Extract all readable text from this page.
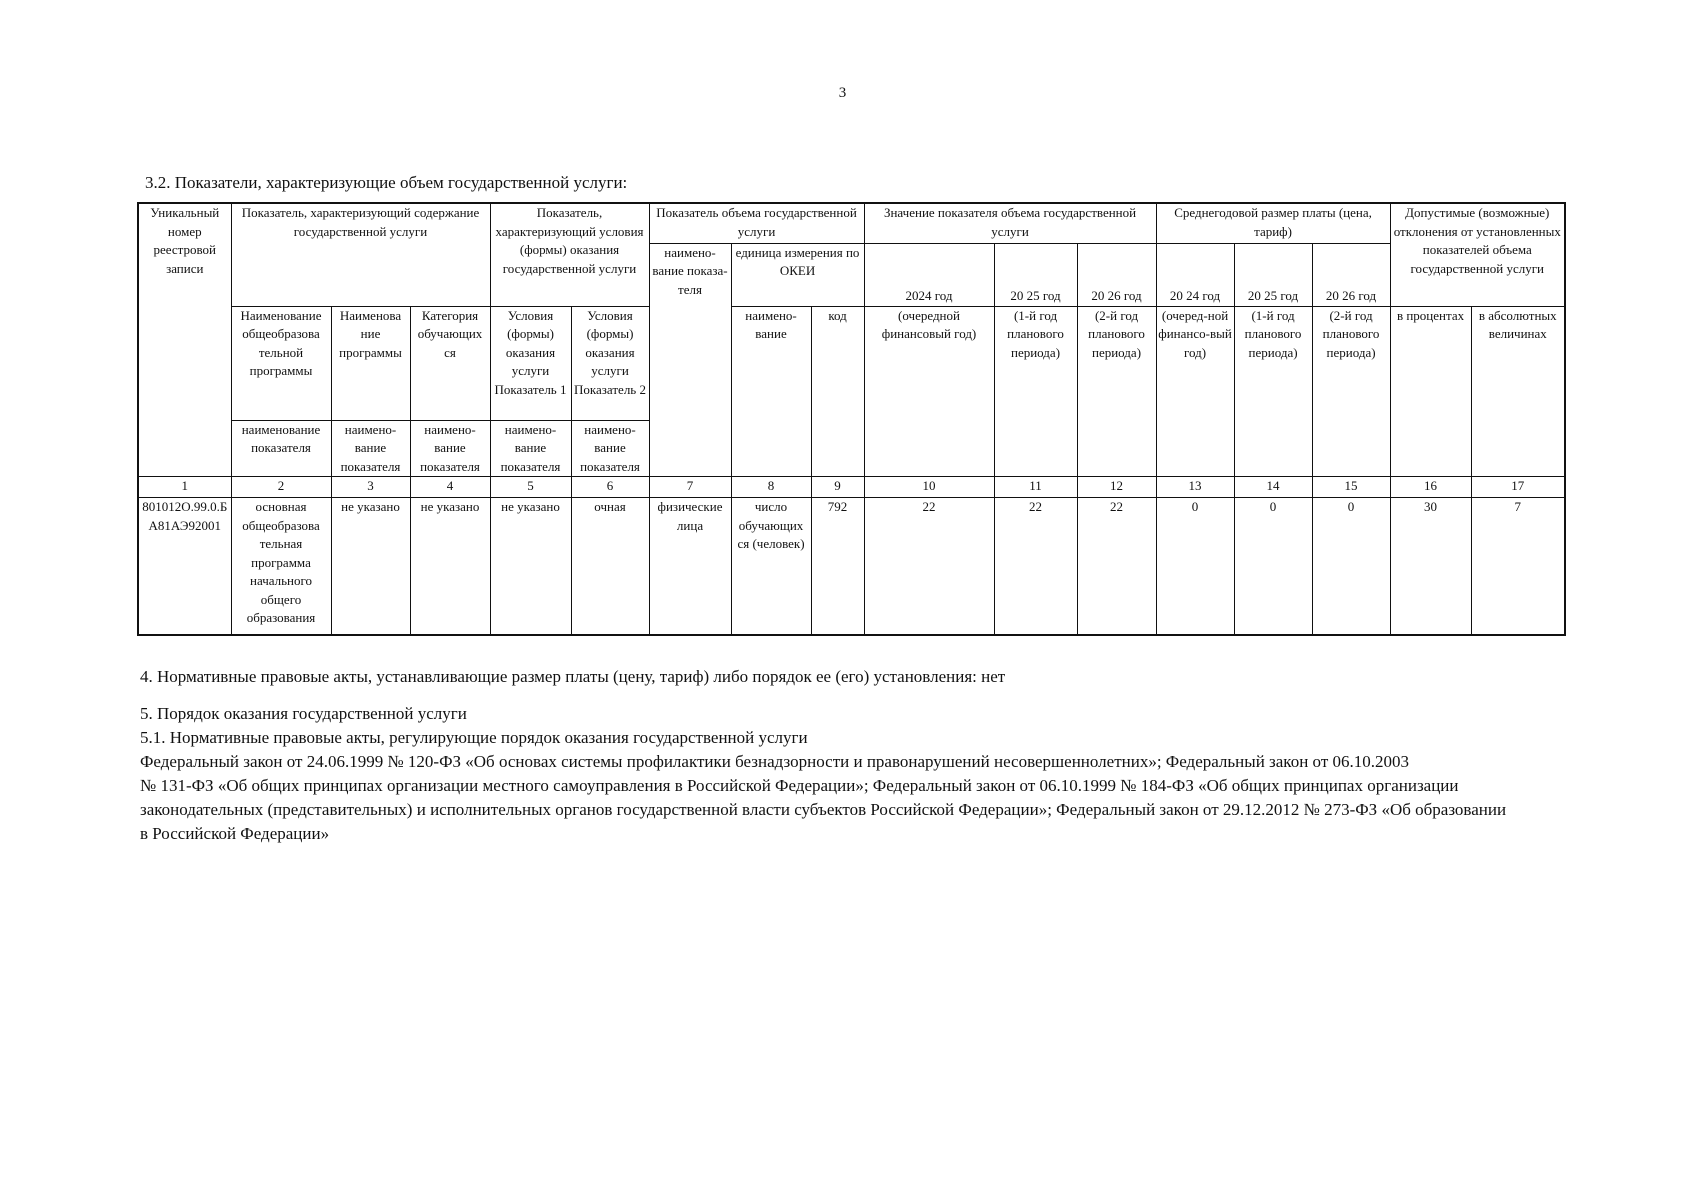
3
3.2. Показатели, характеризующие объем государственной услуги:
Уникальный номер реестровой записи	Показатель, характеризующий содержание государственной услуги			Показатель, характеризующий условия (формы) оказания государственной услуги		Показатель объема государственной услуги			Значение показателя объема государственной услуги			Среднегодовой размер платы (цена, тариф)			Допустимые (возможные) отклонения от установленных показателей объема государственной услуги	
						наимено-вание показа-теля	единица измерения по ОКЕИ		2024 год	20 25 год	20 26 год	20 24 год	20 25 год	20 26 год		
	Наименование общеобразова тельной программы	Наименова ние программы	Категория обучающих ся	Условия (формы) оказания услуги Показатель 1	Условия (формы) оказания услуги Показатель 2		наимено-вание	код	(очередной финансовый год)	(1-й год планового периода)	(2-й год планового периода)	(очеред-ной финансо-вый год)	(1-й год планового периода)	(2-й год планового периода)	в процентах	в абсолютных величинах
	наименование показателя	наимено-вание показателя	наимено-вание показателя	наимено-вание показателя	наимено-вание показателя											
1	2	3	4	5	6	7	8	9	10	11	12	13	14	15	16	17
801012О.99.0.БА81АЭ92001	основная общеобразова тельная программа начального общего образования	не указано	не указано	не указано	очная	физические лица	число обучающих ся (человек)	792	22	22	22	0	0	0	30	7
4. Нормативные правовые акты, устанавливающие размер платы (цену, тариф) либо порядок ее (его) установления: нет
5. Порядок оказания государственной услуги
5.1. Нормативные правовые акты, регулирующие порядок оказания государственной услуги
Федеральный закон от 24.06.1999 № 120-ФЗ «Об основах системы профилактики безнадзорности и правонарушений несовершеннолетних»; Федеральный закон от 06.10.2003
№ 131-ФЗ «Об общих принципах организации местного самоуправления в Российской Федерации»; Федеральный закон от 06.10.1999 № 184-ФЗ «Об общих принципах организации
законодательных (представительных) и исполнительных органов государственной власти субъектов Российской Федерации»; Федеральный закон от 29.12.2012 № 273-ФЗ «Об образовании
в Российской Федерации»
